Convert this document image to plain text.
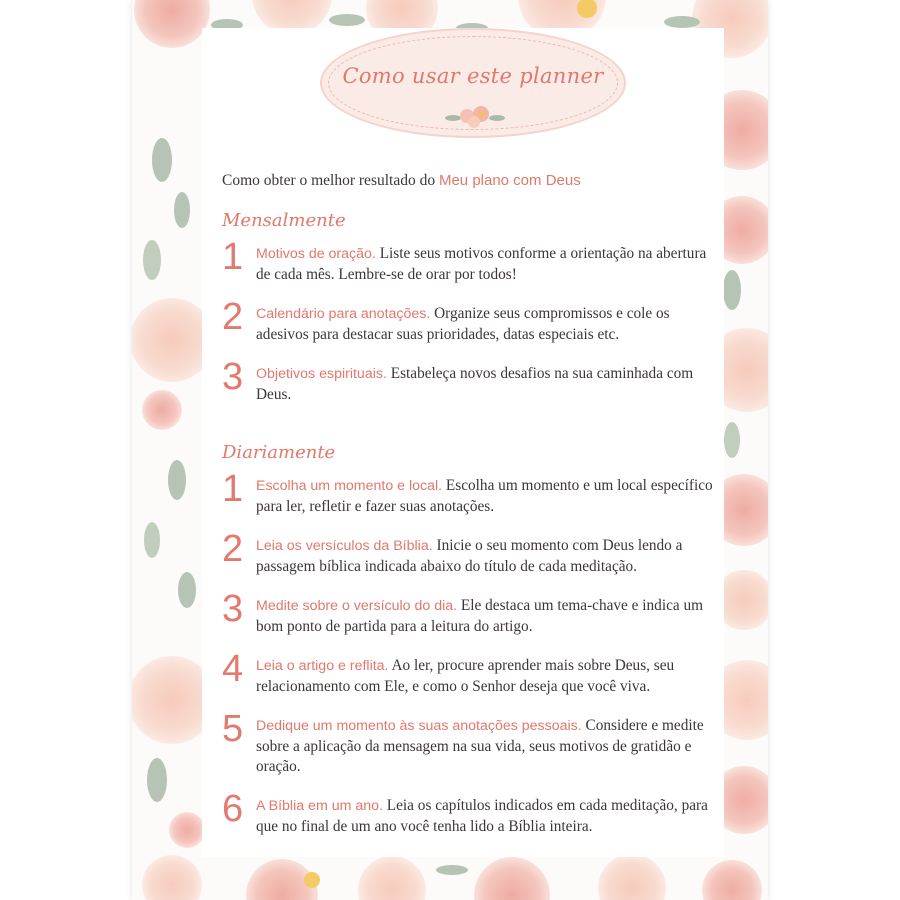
Como usar este planner
Como obter o melhor resultado do Meu plano com Deus
Mensalmente
1 Motivos de oração. Liste seus motivos conforme a orientação na abertura de cada mês. Lembre-se de orar por todos!
2 Calendário para anotações. Organize seus compromissos e cole os adesivos para destacar suas prioridades, datas especiais etc.
3 Objetivos espirituais. Estabeleça novos desafios na sua caminhada com Deus.
Diariamente
1 Escolha um momento e local. Escolha um momento e um local específico para ler, refletir e fazer suas anotações.
2 Leia os versículos da Bíblia. Inicie o seu momento com Deus lendo a passagem bíblica indicada abaixo do título de cada meditação.
3 Medite sobre o versículo do dia. Ele destaca um tema-chave e indica um bom ponto de partida para a leitura do artigo.
4 Leia o artigo e reflita. Ao ler, procure aprender mais sobre Deus, seu relacionamento com Ele, e como o Senhor deseja que você viva.
5 Dedique um momento às suas anotações pessoais. Considere e medite sobre a aplicação da mensagem na sua vida, seus motivos de gratidão e oração.
6 A Bíblia em um ano. Leia os capítulos indicados em cada meditação, para que no final de um ano você tenha lido a Bíblia inteira.
